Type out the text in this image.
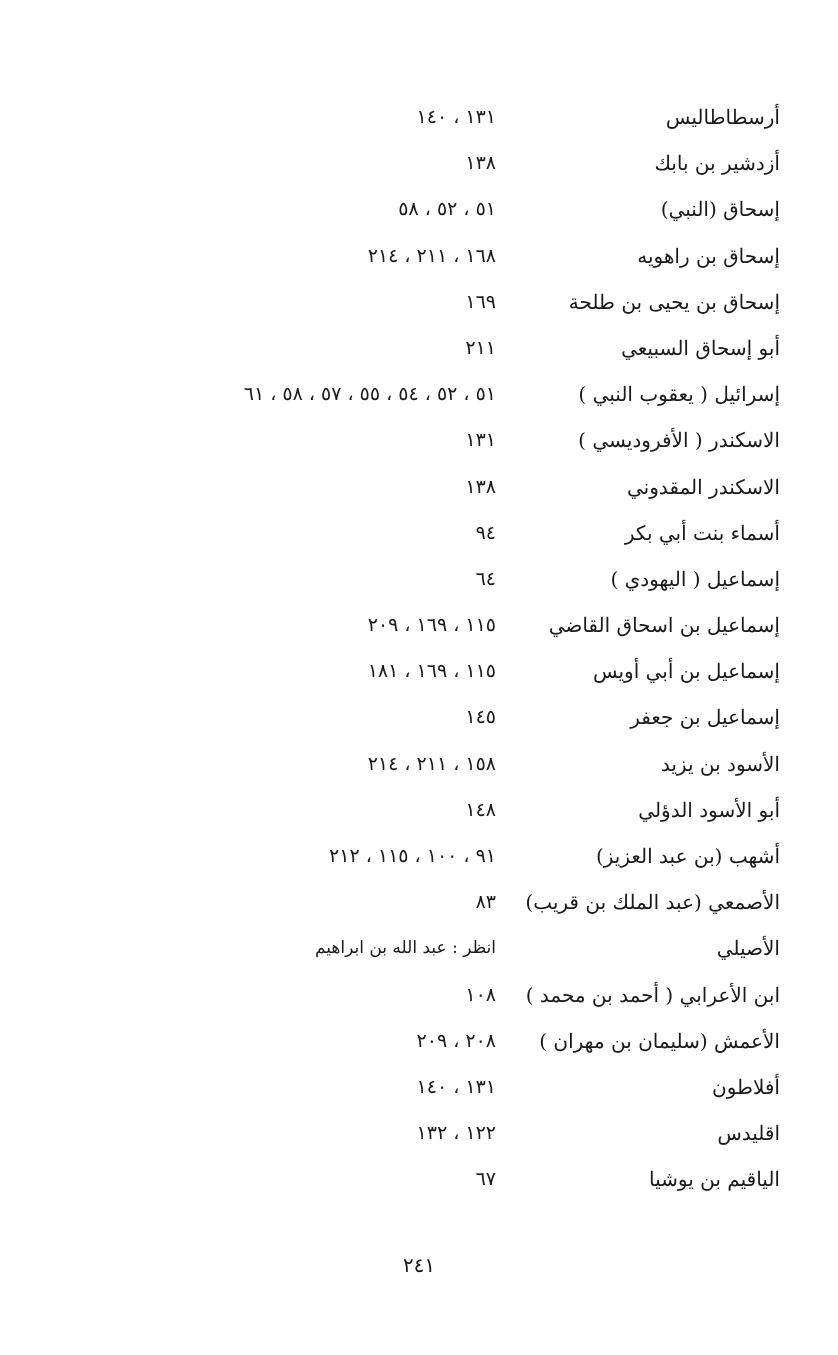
أرسطاطاليس
١٣١ ، ١٤٠
أزدشير بن بابك
١٣٨
إسحاق (النبي)
٥١ ، ٥٢ ، ٥٨
إسحاق بن راهويه
١٦٨ ، ٢١١ ، ٢١٤
إسحاق بن يحيى بن طلحة
١٦٩
أبو إسحاق السبيعي
٢١١
إسرائيل ( يعقوب النبي )
٥١ ، ٥٢ ، ٥٤ ، ٥٥ ، ٥٧ ، ٥٨ ، ٦١
الاسكندر ( الأفروديسي )
١٣١
الاسكندر المقدوني
١٣٨
أسماء بنت أبي بكر
٩٤
إسماعيل ( اليهودي )
٦٤
إسماعيل بن اسحاق القاضي
١١٥ ، ١٦٩ ، ٢٠٩
إسماعيل بن أبي أويس
١١٥ ، ١٦٩ ، ١٨١
إسماعيل بن جعفر
١٤٥
الأسود بن يزيد
١٥٨ ، ٢١١ ، ٢١٤
أبو الأسود الدؤلي
١٤٨
أشهب (بن عبد العزيز)
٩١ ، ١٠٠ ، ١١٥ ، ٢١٢
الأصمعي (عبد الملك بن قريب)
٨٣
الأصيلي
انظر : عبد الله بن ابراهيم
ابن الأعرابي ( أحمد بن محمد )
١٠٨
الأعمش (سليمان بن مهران )
٢٠٨ ، ٢٠٩
أفلاطون
١٣١ ، ١٤٠
اقليدس
١٢٢ ، ١٣٢
الياقيم بن يوشيا
٦٧
٢٤١
